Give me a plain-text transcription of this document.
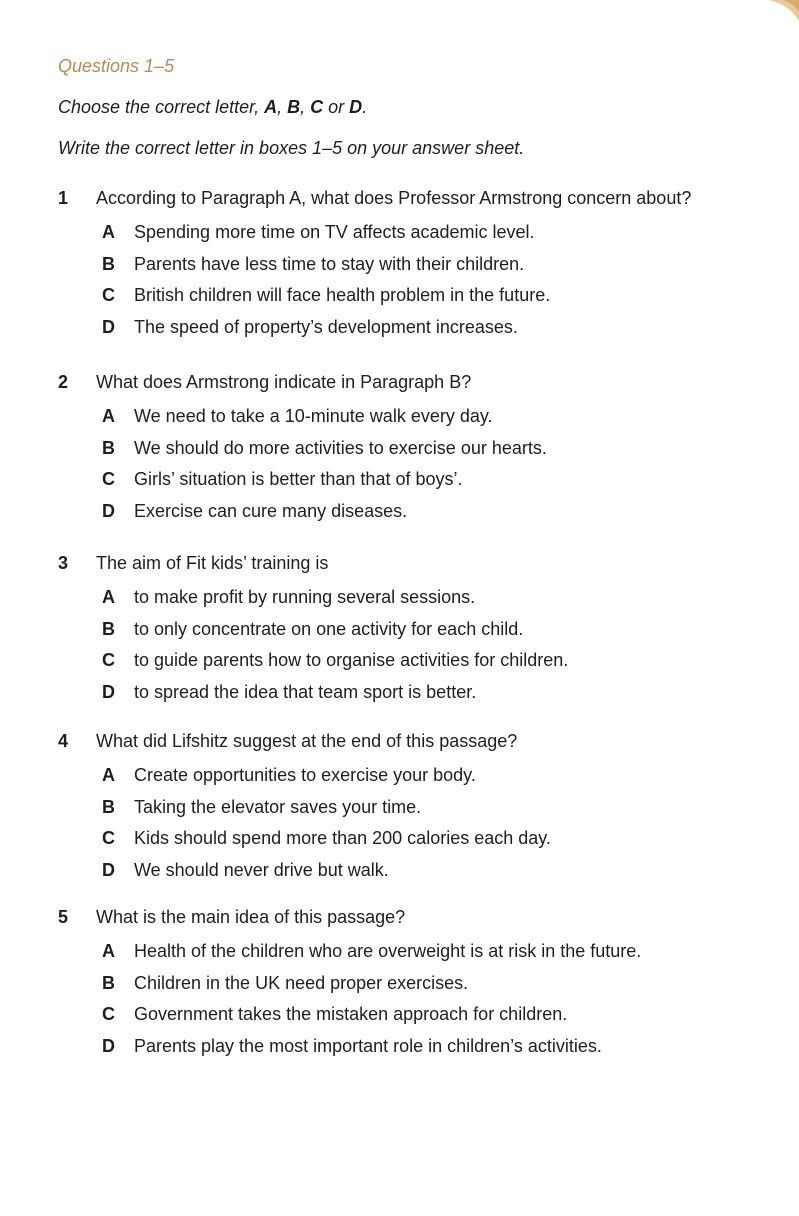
Questions 1–5
Choose the correct letter, A, B, C or D.
Write the correct letter in boxes 1–5 on your answer sheet.
1	According to Paragraph A, what does Professor Armstrong concern about?
A	Spending more time on TV affects academic level.
B	Parents have less time to stay with their children.
C	British children will face health problem in the future.
D	The speed of property’s development increases.
2	What does Armstrong indicate in Paragraph B?
A	We need to take a 10-minute walk every day.
B	We should do more activities to exercise our hearts.
C	Girls’ situation is better than that of boys’.
D	Exercise can cure many diseases.
3	The aim of Fit kids’ training is
A	to make profit by running several sessions.
B	to only concentrate on one activity for each child.
C	to guide parents how to organise activities for children.
D	to spread the idea that team sport is better.
4	What did Lifshitz suggest at the end of this passage?
A	Create opportunities to exercise your body.
B	Taking the elevator saves your time.
C	Kids should spend more than 200 calories each day.
D	We should never drive but walk.
5	What is the main idea of this passage?
A	Health of the children who are overweight is at risk in the future.
B	Children in the UK need proper exercises.
C	Government takes the mistaken approach for children.
D	Parents play the most important role in children’s activities.
